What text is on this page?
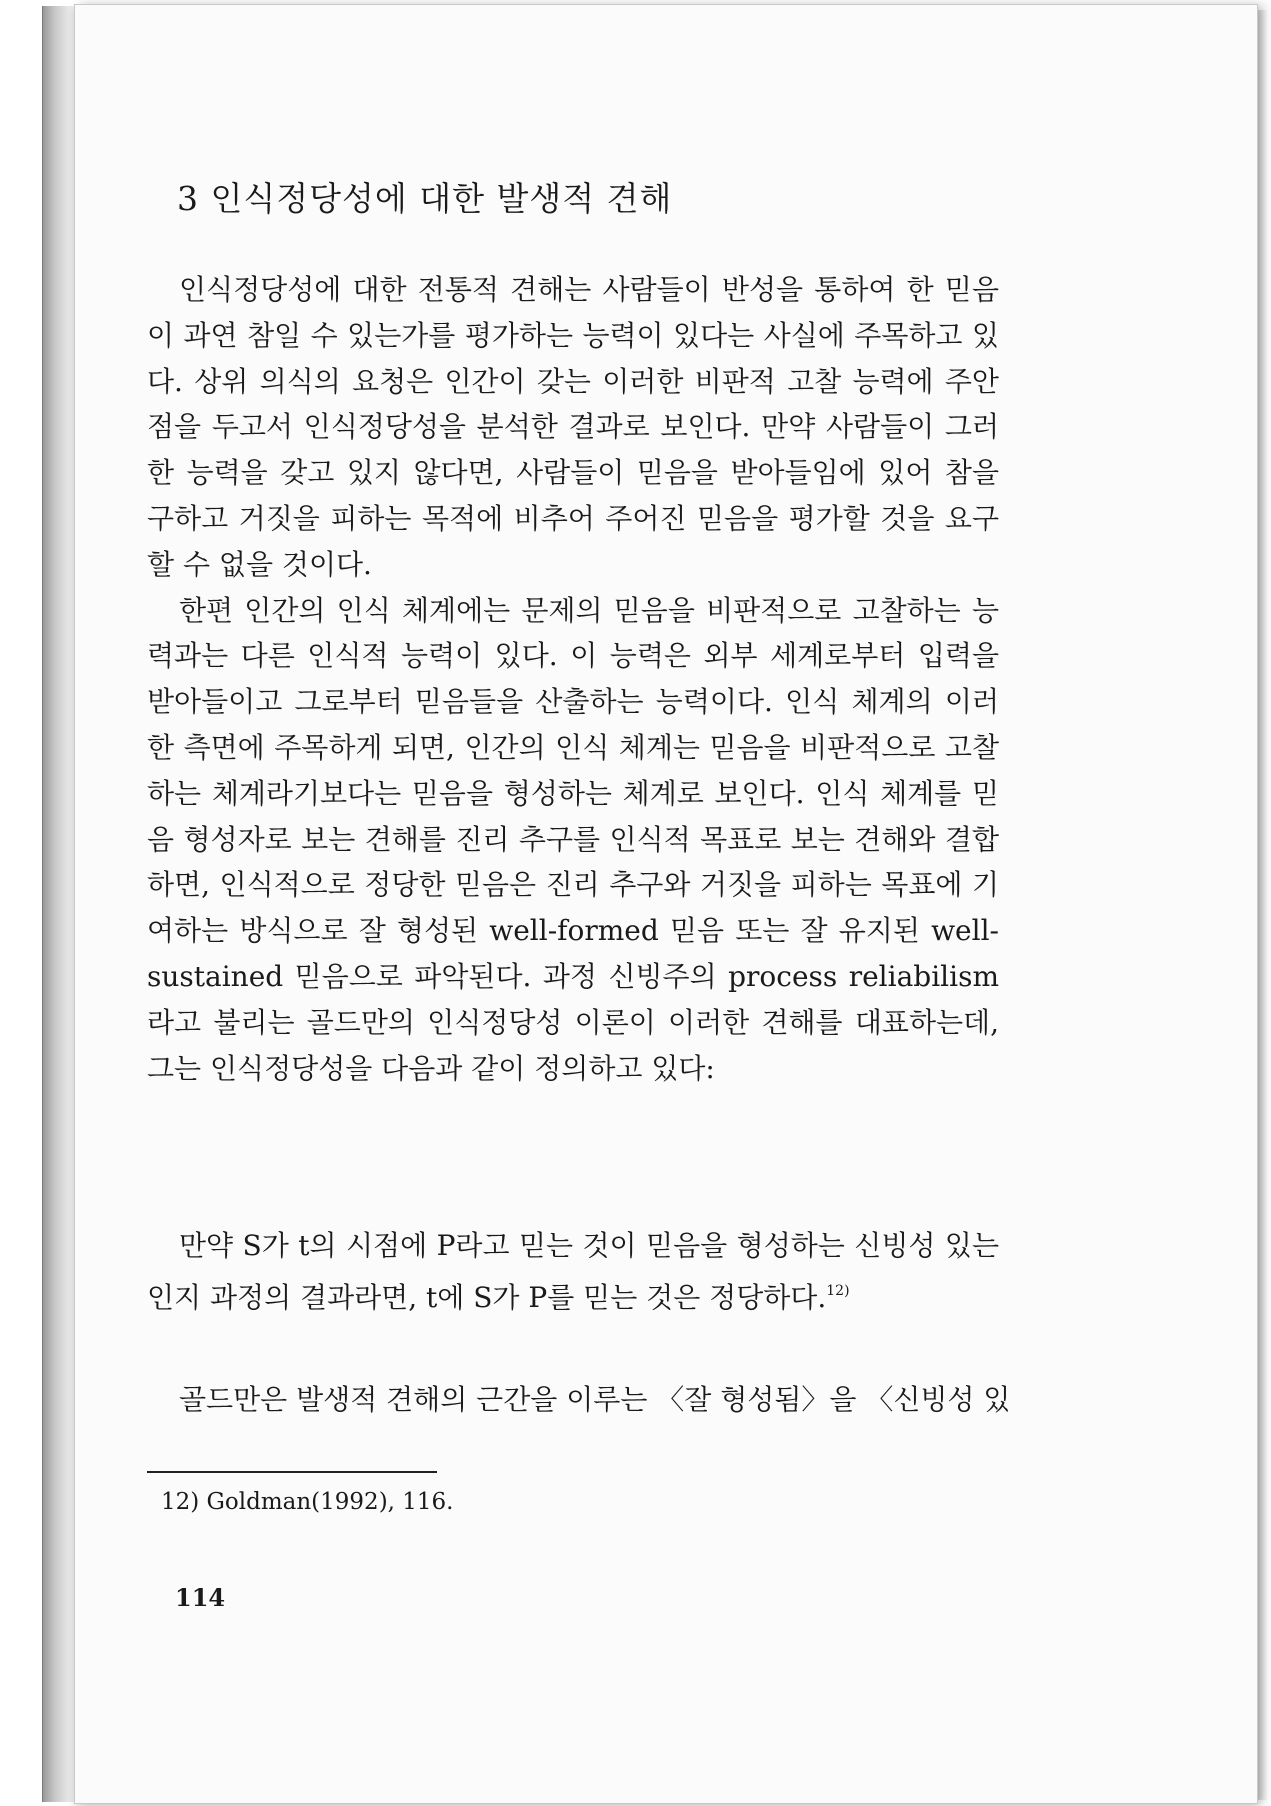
3 인식정당성에 대한 발생적 견해

인식정당성에 대한 전통적 견해는 사람들이 반성을 통하여 한 믿음이 과연 참일 수 있는가를 평가하는 능력이 있다는 사실에 주목하고 있다. 상위 의식의 요청은 인간이 갖는 이러한 비판적 고찰 능력에 주안점을 두고서 인식정당성을 분석한 결과로 보인다. 만약 사람들이 그러한 능력을 갖고 있지 않다면, 사람들이 믿음을 받아들임에 있어 참을 구하고 거짓을 피하는 목적에 비추어 주어진 믿음을 평가할 것을 요구할 수 없을 것이다.

한편 인간의 인식 체계에는 문제의 믿음을 비판적으로 고찰하는 능력과는 다른 인식적 능력이 있다. 이 능력은 외부 세계로부터 입력을 받아들이고 그로부터 믿음들을 산출하는 능력이다. 인식 체계의 이러한 측면에 주목하게 되면, 인간의 인식 체계는 믿음을 비판적으로 고찰하는 체계라기보다는 믿음을 형성하는 체계로 보인다. 인식 체계를 믿음 형성자로 보는 견해를 진리 추구를 인식적 목표로 보는 견해와 결합하면, 인식적으로 정당한 믿음은 진리 추구와 거짓을 피하는 목표에 기여하는 방식으로 잘 형성된 well-formed 믿음 또는 잘 유지된 well-sustained 믿음으로 파악된다. 과정 신빙주의 process reliabilism라고 불리는 골드만의 인식정당성 이론이 이러한 견해를 대표하는데, 그는 인식정당성을 다음과 같이 정의하고 있다:

만약 S가 t의 시점에 P라고 믿는 것이 믿음을 형성하는 신빙성 있는 인지 과정의 결과라면, t에 S가 P를 믿는 것은 정당하다.$^{12)}$
골드만은 발생적 견해의 근간을 이루는 〈잘 형성됨〉을 〈신빙성 있
12) Goldman(1992), 116.
114
